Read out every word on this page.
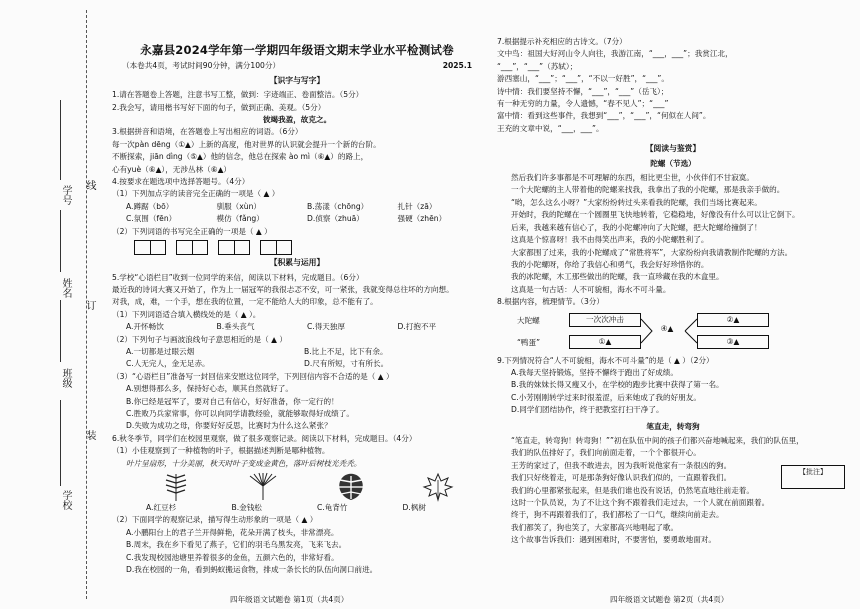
线
订
装
学号
姓名
班级
学校
永嘉县2024学年第一学期四年级语文期末学业水平检测试卷
（本卷共4页，考试时间90分钟，满分100分）	2025.1
【识字与写字】

1.请在答题卷上答题，注意书写工整，做到：字迹端正、卷面整洁。（5分）

2.我会写，请用楷书写好下面的句子，做到正确、美观。（5分）

彼竭我盈，故克之。

3.根据拼音和语境，在答题卷上写出相应的词语。（6分）

每一次pàn dēng（①▲）上新的高度，他对世界的认识就会提升一个新的台阶。

不断探索，jiān dìng（⑤▲）他的信念，他总在探索 ào mì（⑥▲）的路上，

心有yuè（⑥▲），无涉丛林（⑥▲）

4.按要求在题选项中选择答题号。（4分）

（1）下列加点字的读音完全正确的一项是（ ▲ ）

A.蹲踞（bō）	驯服（xùn）	B.荡漾（chōng）	扎针（zā）
C.氛围（fēn）	模仿（fǎng）	D.侦察（zhuā）	强硬（zhēn）

（2）下列词语的书写完全正确的一项是（ ▲ ）

【积累与运用】

5.学校“心语栏目”收到一位同学的来信，阅读以下材料，完成题目。（6分）

最近我的诗词大赛又开始了，作为上一届冠军的我很忐忑不安，可一紧张，我就变得总往坏的方向想。

对我，成，难，一个手，想在我的位置，一定不能给人大的印象，总不能有了。

（1）下列词语适合填入横线处的是（ ▲ ）。

A.开怀畅饮	B.垂头丧气	C.得天独厚	D.打抱不平

（2）下列句子与画波浪线句子意思相近的是（ ▲ ）

A.一切都是过眼云烟	B.比上不足，比下有余。
C.人无完人，金无足赤。	D.尺有所短，寸有所长。

（3）“心语栏目”准备写一封回信来安慰这位同学，下列回信内容不合适的是（ ▲ ）

A.别想得那么多，保持好心态，顺其自然就好了。

B.你已经是冠军了，要对自己有信心，好好准备，你一定行的！

C.胜败乃兵家常事，你可以向同学请教经验，就能够取得好成绩了。

D.失败为成功之母，你要好好反思，比赛时为什么这么紧张？

6.秋冬季节，同学们在校园里观察，做了很多观察记录。阅读以下材料，完成题目。（4分）

（1）小佳观察到了一种植物的叶子，根据描述判断是哪种植物。

叶片呈扇形，十分美丽，秋天时叶子变成金黄色，落叶后树枝光秃秃。

A.红豆杉	B.金钱松	C.龟背竹	D.枫树

（2）下面同学的观察记录，描写得生动形象的一项是（ ▲ ）

A.小鹏阳台上的君子兰开得鲜艳，花朵开满了枝头，非常漂亮。

B.周末，我在乡下看见了燕子，它们的羽毛乌黑发亮，飞来飞去。

C.我发现校园池塘里养着很多的金鱼，五颜六色的，非常好看。

D.我在校园的一角，看到蚂蚁搬运食物，排成一条长长的队伍向洞口前进。

四年级语文试题卷 第1页（共4页）

7.根据提示补充相应的古诗文。（7分）

文中鸟：祖国大好河山令人向往，我游江南，“___，___”；我赏江北，

“___”，“___”（苏轼）；

游西塞山，“___”；“___”，“不以一好胜”，“___”。

诗中情：我们要坚持不懈，“___”，“___”（岳飞）；

有一种无穷的力量，令人遗憾，“春不见人”；“___”

富中情：看到这些事件，我想到“___”，“___”，“何似在人间”。

王充的文章中说，“___，___”。

【阅读与鉴赏】
陀螺（节选）

然后我们许多事都是不可理解的东西，相比更尘世，小伙伴们不甘寂寞。

一个大陀螺的主人带着他的陀螺来找我，我拿出了我的小陀螺，那是我亲手做的。

“哟，怎么这么小呀？”大家纷纷转过头来看我的陀螺，我们当场比赛起来。

开始时，我的陀螺在一个圆圈里飞快地转着，它稳稳地，好像没有什么可以让它倒下。

后来，我越来越有信心了，我的小陀螺冲向了大陀螺，把大陀螺给撞倒了！

这真是个惊喜呀！我不由得笑出声来，我的小陀螺胜利了。

大家都围了过来，我的小陀螺成了“常胜将军”，大家纷纷向我请教制作陀螺的方法。

我的小陀螺呀，你给了我信心和勇气，我会好好珍惜你的。

我的冰陀螺，木工那些做出的陀螺，我一直珍藏在我的木盒里。

这真是一句古话：人不可貌相，海水不可斗量。

8.根据内容，梳理情节。（3分）

大陀螺
“鸭蛋”
一次次冲击
①▲
④▲
②▲
③▲

9.下列情况符合“人不可貌相，海水不可斗量”的是（ ▲ ）（2分）

A.我每天坚持锻炼，坚持不懈终于跑出了好成绩。

B.我的妹妹长得又瘦又小，在学校的跑步比赛中获得了第一名。

C.小芳刚刚转学过来时很羞涩，后来她成了我的好朋友。

D.同学们团结协作，终于把教室打扫干净了。

笔直走，转弯狗
【批注】

“笔直走，转弯狗！转弯狗！””初在队伍中间的孩子们都兴奋地喊起来，我们的队伍里，

我们的队伍排好了，我们向前面走着，一个个都很开心。

王芳的家过了，但我不敢进去，因为我听说他家有一条很凶的狗。

我们只好绕着走，可是那条狗好像认识我们似的，一直跟着我们。

我们的心里都紧张起来，但是我们谁也没有说话，仍然笔直地往前走着。

这时一个队员说，为了不让这个狗不跟着我们走过去，一个人就在前面跟着。

终于，狗不再跟着我们了，我们都松了一口气，继续向前走去。

我们都笑了，狗也笑了，大家都高兴地唱起了歌。

这个故事告诉我们：遇到困难时，不要害怕，要勇敢地面对。

四年级语文试题卷 第2页（共4页）
